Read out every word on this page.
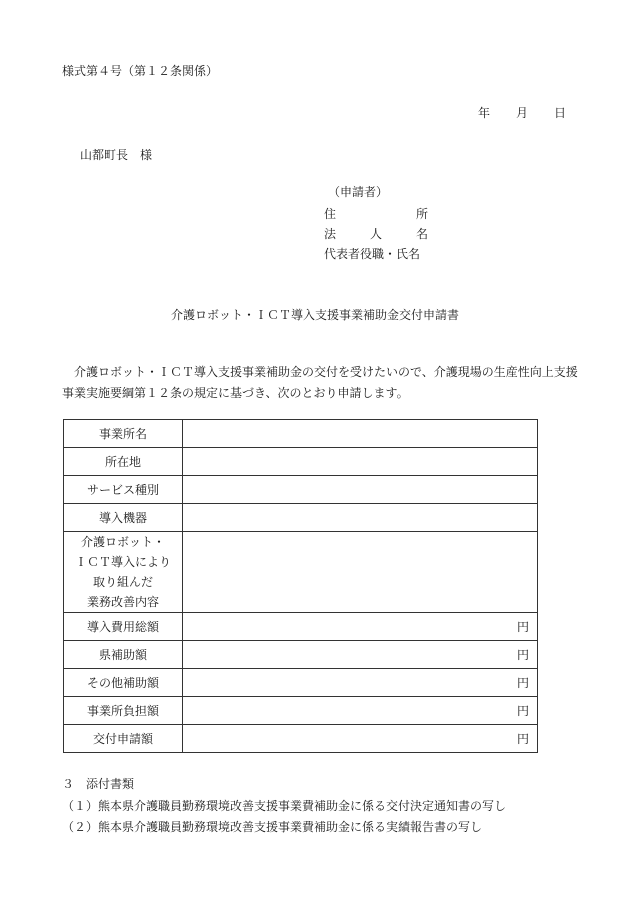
様式第４号（第１２条関係）
年 月 日
山都町長　様
（申請者）
住	所
法	人	名
代表者役職・氏名
介護ロボット・ＩＣＴ導入支援事業補助金交付申請書
介護ロボット・ＩＣＴ導入支援事業補助金の交付を受けたいので、介護現場の生産性向上支援事業実施要綱第１２条の規定に基づき、次のとおり申請します。
事業所名	
所在地	
サービス種別	
導入機器	

介護ロボット・
ＩＣＴ導入により
取り組んだ
業務改善内容	

導入費用総額	円
県補助額	円
その他補助額	円
事業所負担額	円
交付申請額	円
３　添付書類
（１）熊本県介護職員勤務環境改善支援事業費補助金に係る交付決定通知書の写し
（２）熊本県介護職員勤務環境改善支援事業費補助金に係る実績報告書の写し
